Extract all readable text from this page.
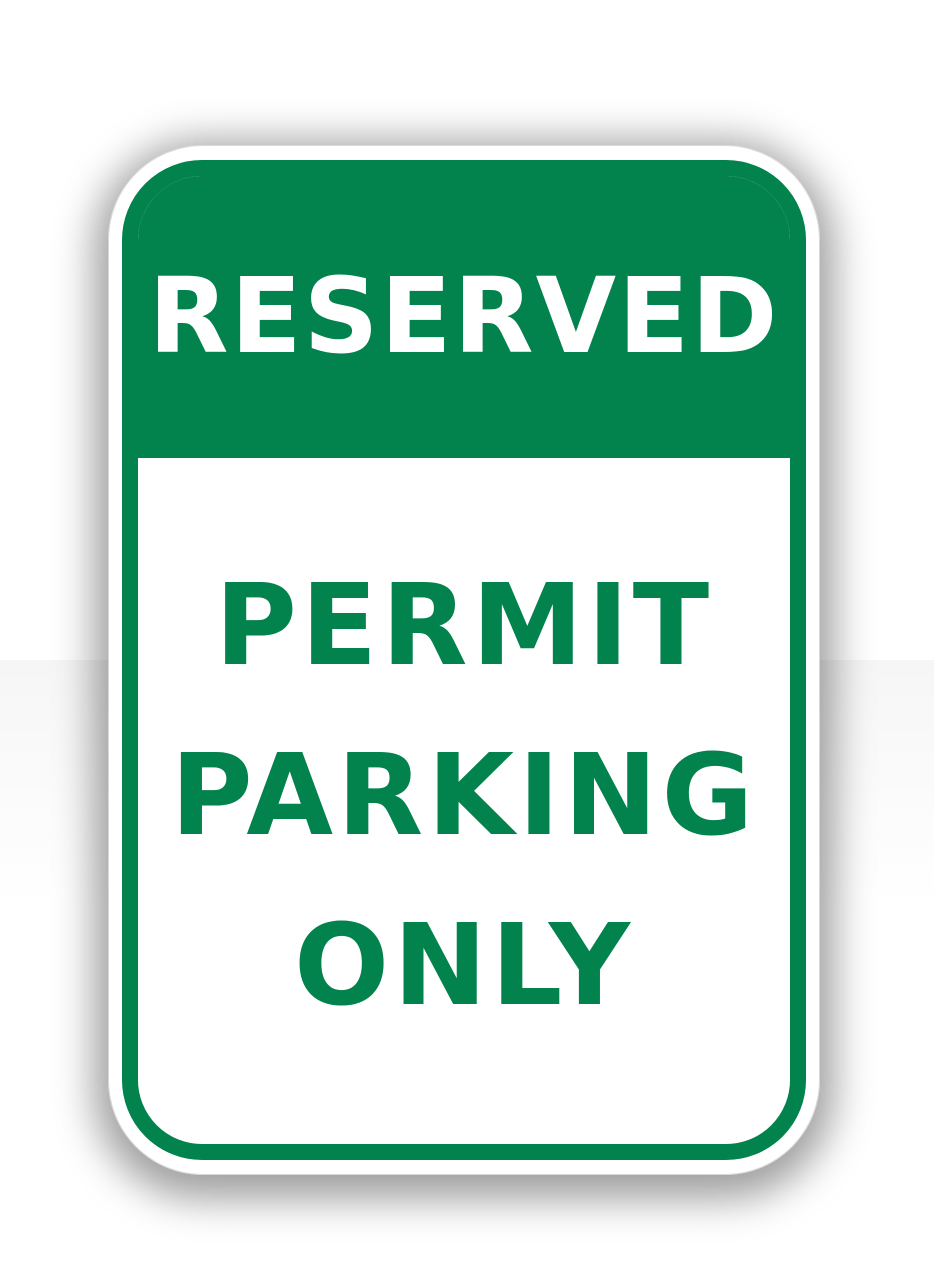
RESERVED
PERMIT
PARKING
ONLY
